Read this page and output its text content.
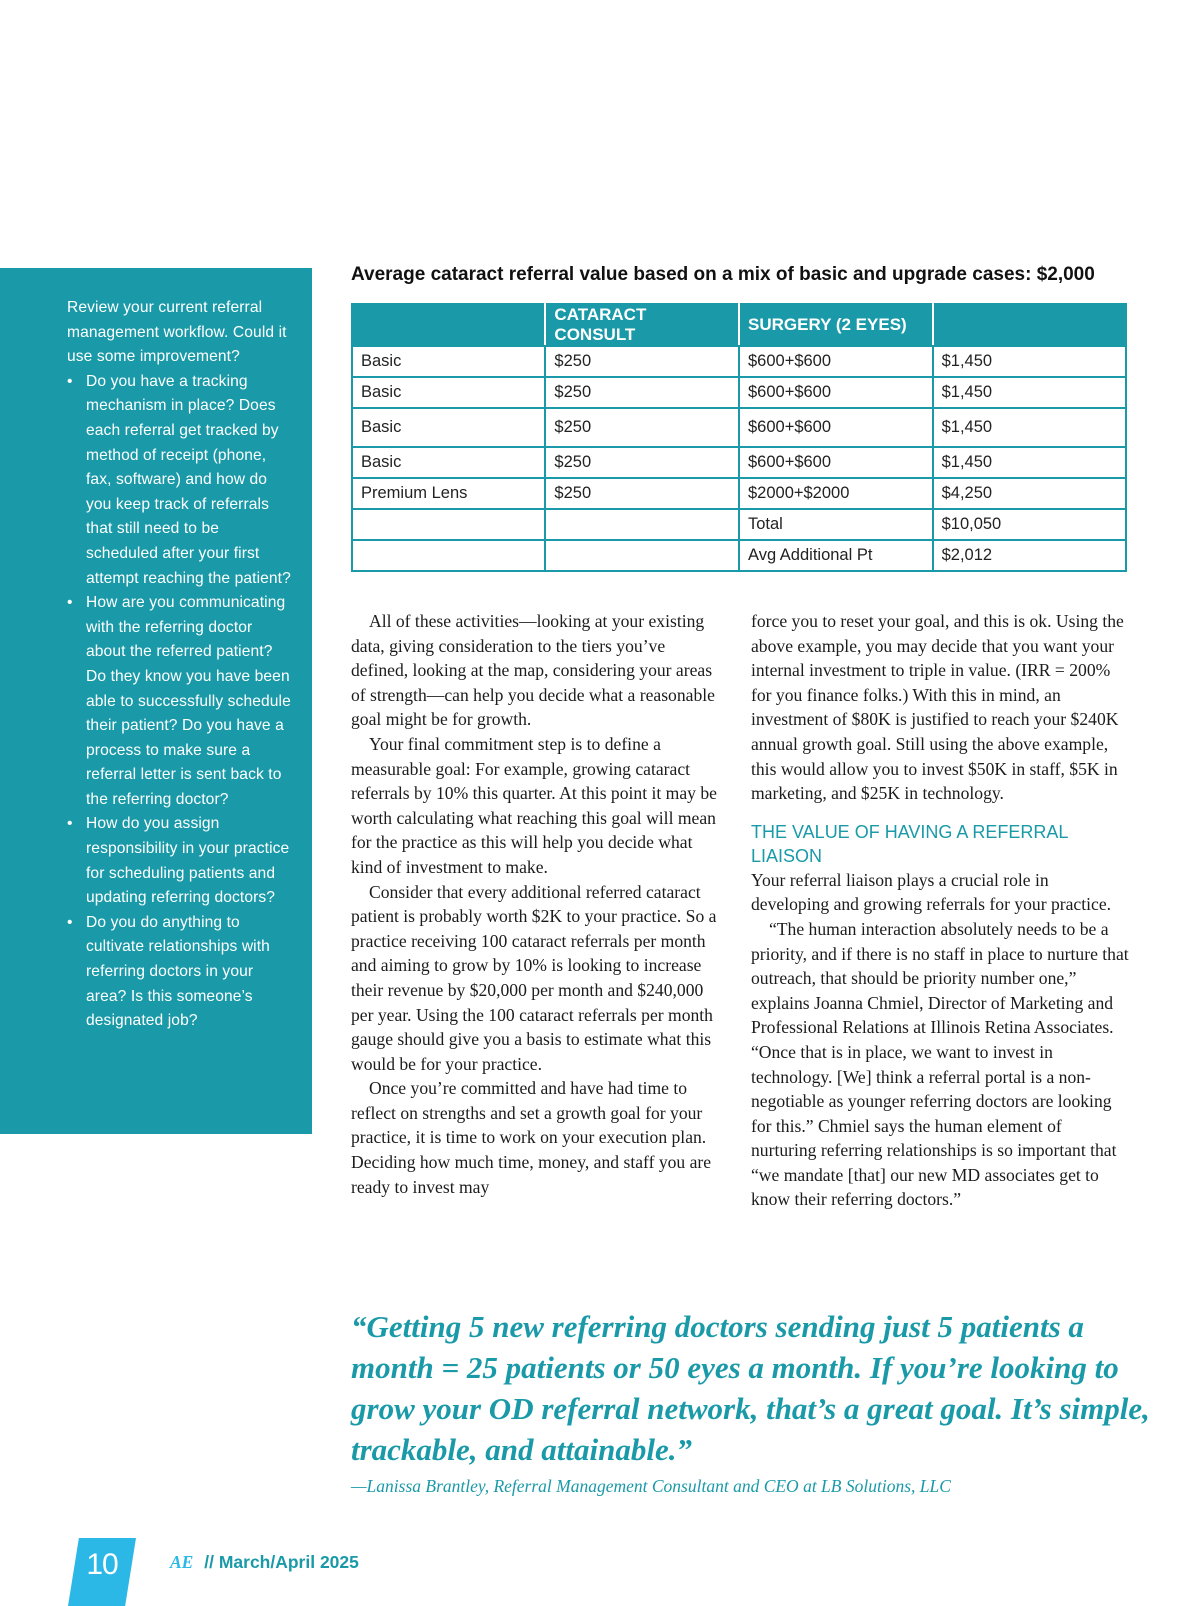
Review your current referral management workflow. Could it use some improvement?

• Do you have a tracking mechanism in place? Does each referral get tracked by method of receipt (phone, fax, software) and how do you keep track of referrals that still need to be scheduled after your first attempt reaching the patient?
• How are you communicating with the referring doctor about the referred patient? Do they know you have been able to successfully schedule their patient? Do you have a process to make sure a referral letter is sent back to the referring doctor?
• How do you assign responsibility in your practice for scheduling patients and updating referring doctors?
• Do you do anything to cultivate relationships with referring doctors in your area? Is this someone’s designated job?
Average cataract referral value based on a mix of basic and upgrade cases: $2,000
	CATARACT CONSULT	SURGERY (2 EYES)	
Basic	$250	$600+$600	$1,450
Basic	$250	$600+$600	$1,450
Basic	$250	$600+$600	$1,450
Basic	$250	$600+$600	$1,450
Premium Lens	$250	$2000+$2000	$4,250
		Total	$10,050
		Avg Additional Pt	$2,012

All of these activities—looking at your existing data, giving consideration to the tiers you’ve defined, looking at the map, considering your areas of strength—can help you decide what a reasonable goal might be for growth.

Your final commitment step is to define a measurable goal: For example, growing cataract referrals by 10% this quarter. At this point it may be worth calculating what reaching this goal will mean for the practice as this will help you decide what kind of investment to make.

Consider that every additional referred cataract patient is probably worth $2K to your practice. So a practice receiving 100 cataract referrals per month and aiming to grow by 10% is looking to increase their revenue by $20,000 per month and $240,000 per year. Using the 100 cataract referrals per month gauge should give you a basis to estimate what this would be for your practice.

Once you’re committed and have had time to reflect on strengths and set a growth goal for your practice, it is time to work on your execution plan. Deciding how much time, money, and staff you are ready to invest may

force you to reset your goal, and this is ok. Using the above example, you may decide that you want your internal investment to triple in value. (IRR = 200% for you finance folks.) With this in mind, an investment of $80K is justified to reach your $240K annual growth goal. Still using the above example, this would allow you to invest $50K in staff, $5K in marketing, and $25K in technology.

THE VALUE OF HAVING A REFERRAL LIAISON

Your referral liaison plays a crucial role in developing and growing referrals for your practice.

“The human interaction absolutely needs to be a priority, and if there is no staff in place to nurture that outreach, that should be priority number one,” explains Joanna Chmiel, Director of Marketing and Professional Relations at Illinois Retina Associates. “Once that is in place, we want to invest in technology. [We] think a referral portal is a non-negotiable as younger referring doctors are looking for this.” Chmiel says the human element of nurturing referring relationships is so important that “we mandate [that] our new MD associates get to know their referring doctors.”

“Getting 5 new referring doctors sending just 5 patients a month = 25 patients or 50 eyes a month. If you’re looking to grow your OD referral network, that’s a great goal. It’s simple, trackable, and attainable.”
—Lanissa Brantley, Referral Management Consultant and CEO at LB Solutions, LLC
10	AE // March/April 2025
